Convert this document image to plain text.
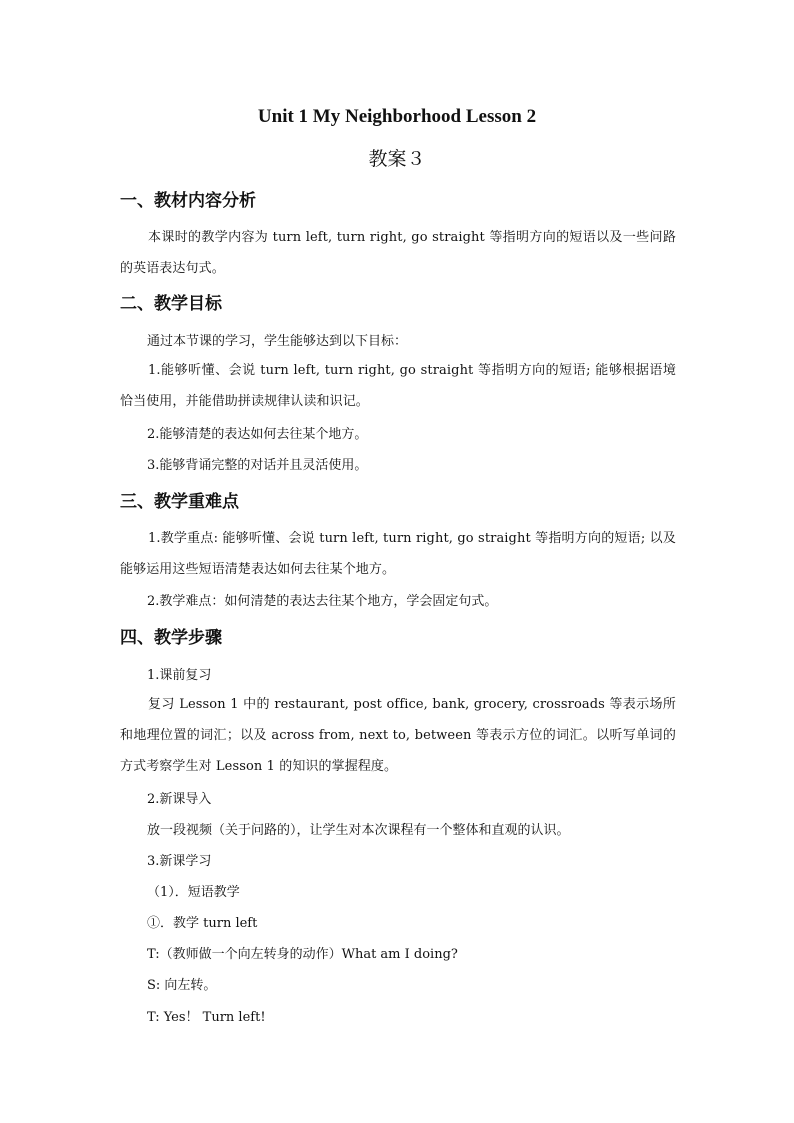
Unit 1 My Neighborhood Lesson 2
教案３
一、教材内容分析
本课时的教学内容为 turn left, turn right, go straight 等指明方向的短语以及一些问路的英语表达句式。
二、教学目标
通过本节课的学习，学生能够达到以下目标：
1.能够听懂、会说 turn left, turn right, go straight 等指明方向的短语; 能够根据语境恰当使用，并能借助拼读规律认读和识记。
2.能够清楚的表达如何去往某个地方。
3.能够背诵完整的对话并且灵活使用。
三、教学重难点
1.教学重点: 能够听懂、会说 turn left, turn right, go straight 等指明方向的短语; 以及能够运用这些短语清楚表达如何去往某个地方。
2.教学难点：如何清楚的表达去往某个地方，学会固定句式。
四、教学步骤
1.课前复习
复习 Lesson 1 中的 restaurant, post office, bank, grocery, crossroads 等表示场所和地理位置的词汇；以及 across from, next to, between 等表示方位的词汇。以听写单词的方式考察学生对 Lesson 1 的知识的掌握程度。
2.新课导入
放一段视频（关于问路的），让学生对本次课程有一个整体和直观的认识。
3.新课学习
（1）．短语教学
①．教学 turn left
T:（教师做一个向左转身的动作）What am I doing?
S: 向左转。
T: Yes！ Turn left!
